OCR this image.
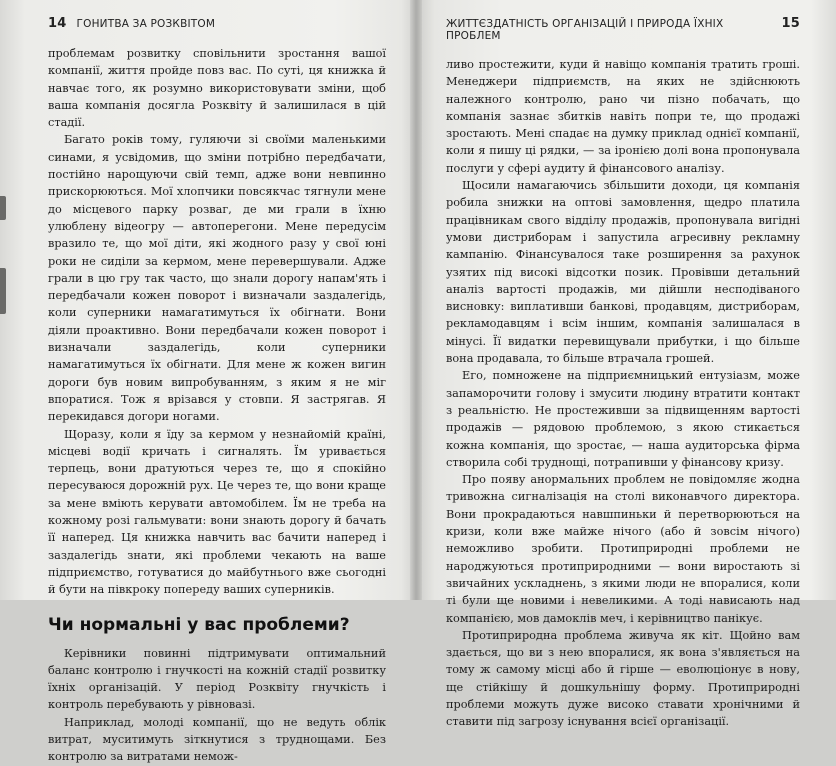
14 ГОНИТВА ЗА РОЗКВІТОМ

проблемам розвитку сповільнити зростання вашої компанії, життя пройде повз вас. По суті, ця книжка й навчає того, як розумно використовувати зміни, щоб ваша компанія досягла Розквіту й залишилася в цій стадії.

Багато років тому, гуляючи зі своїми маленькими синами, я усвідомив, що зміни потрібно передбачати, постійно нарощуючи свій темп, адже вони невпинно прискорюються. Мої хлопчики повсякчас тягнули мене до місцевого парку розваг, де ми грали в їхню улюблену відеогру — автоперегони. Мене передусім вразило те, що мої діти, які жодного разу у свої юні роки не сиділи за кермом, мене перевершували. Адже грали в цю гру так часто, що знали дорогу напам'ять і передбачали кожен поворот і визначали заздалегідь, коли суперники намагатимуться їх обігнати. Вони діяли проактивно. Вони передбачали кожен поворот і визначали заздалегідь, коли суперники намагатимуться їх обігнати. Для мене ж кожен вигин дороги був новим випробуванням, з яким я не міг впоратися. Тож я врізався у стовпи. Я застрягав. Я перекидався догори ногами.

Щоразу, коли я їду за кермом у незнайомій країні, місцеві водії кричать і сигналять. Їм уривається терпець, вони дратуються через те, що я спокійно пересуваюся дорожній рух. Це через те, що вони краще за мене вміють керувати автомобілем. Їм не треба на кожному розі гальмувати: вони знають дорогу й бачать її наперед. Ця книжка навчить вас бачити наперед і заздалегідь знати, які проблеми чекають на ваше підприємство, готуватися до майбутнього вже сьогодні й бути на півкроку попереду ваших суперників.

Чи нормальні у вас проблеми?

Керівники повинні підтримувати оптимальний баланс контролю і гнучкості на кожній стадії розвитку їхніх організацій. У період Розквіту гнучкість і контроль перебувають у рівновазі.

Наприклад, молоді компанії, що не ведуть облік витрат, муситимуть зіткнутися з труднощами. Без контролю за витратами немож-

ЖИТТЄЗДАТНІСТЬ ОРГАНІЗАЦІЙ І ПРИРОДА ЇХНІХ ПРОБЛЕМ
15

ливо простежити, куди й навіщо компанія тратить гроші. Менеджери підприємств, на яких не здійснюють належного контролю, рано чи пізно побачать, що компанія зазнає збитків навіть попри те, що продажі зростають. Мені спадає на думку приклад однієї компанії, коли я пишу ці рядки, — за іронією долі вона пропонувала послуги у сфері аудиту й фінансового аналізу.

Щосили намагаючись збільшити доходи, ця компанія робила знижки на оптові замовлення, щедро платила працівникам свого відділу продажів, пропонувала вигідні умови дистриборам і запустила агресивну рекламну кампанію. Фінансувалося таке розширення за рахунок узятих під високі відсотки позик. Провівши детальний аналіз вартості продажів, ми дійшли несподіваного висновку: виплативши банкові, продавцям, дистриборам, рекламодавцям і всім іншим, компанія залишалася в мінусі. Її видатки перевищували прибутки, і що більше вона продавала, то більше втрачала грошей.

Его, помножене на підприємницький ентузіазм, може запаморочити голову і змусити людину втратити контакт з реальністю. Не простеживши за підвищенням вартості продажів — рядовою проблемою, з якою стикається кожна компанія, що зростає, — наша аудиторська фірма створила собі труднощі, потрапивши у фінансову кризу.

Про появу анормальних проблем не повідомляє жодна тривожна сигналізація на столі виконавчого директора. Вони прокрадаються навшпиньки й перетворюються на кризи, коли вже майже нічого (або й зовсім нічого) неможливо зробити. Протиприродні проблеми не народжуються протиприродними — вони виростають зі звичайних ускладнень, з якими люди не впоралися, коли ті були ще новими і невеликими. А тоді нависають над компанією, мов дамоклів меч, і керівництво панікує.

Протиприродна проблема живуча як кіт. Щойно вам здається, що ви з нею впоралися, як вона з'являється на тому ж самому місці або й гірше — еволюціонує в нову, ще стійкішу й дошкульнішу форму. Протиприродні проблеми можуть дуже високо ставати хронічними й ставити під загрозу існування всієї організації.
